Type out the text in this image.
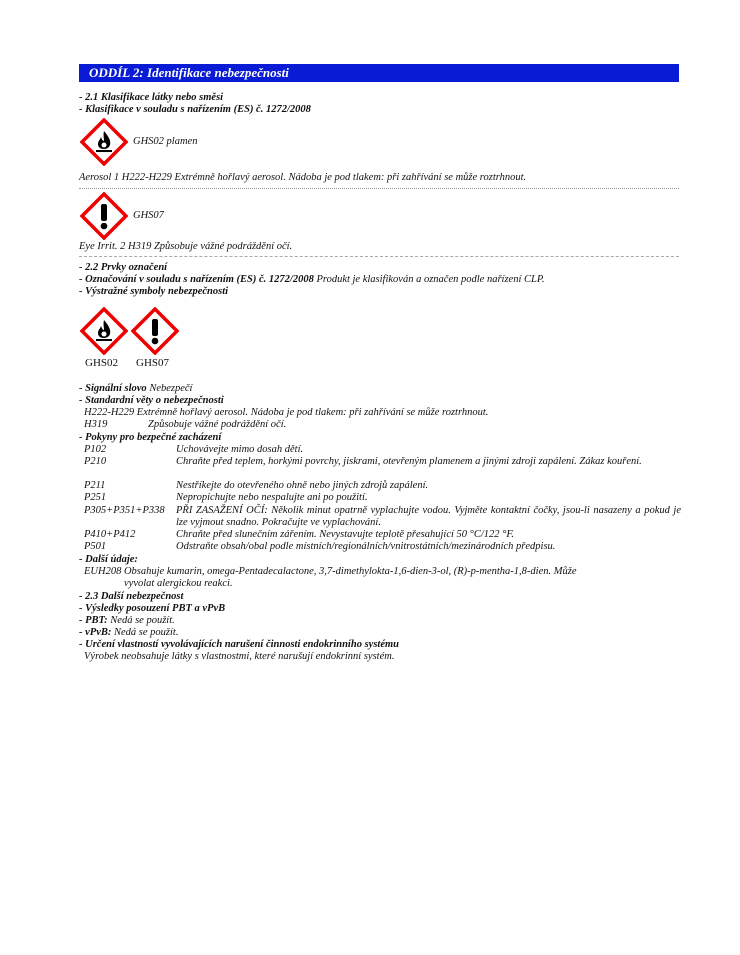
ODDÍL 2: Identifikace nebezpečnosti
- 2.1 Klasifikace látky nebo směsi
- Klasifikace v souladu s nařízením (ES) č. 1272/2008
GHS02 plamen
Aerosol 1 H222-H229 Extrémně hořlavý aerosol. Nádoba je pod tlakem: při zahřívání se může roztrhnout.
GHS07
Eye Irrit. 2 H319 Způsobuje vážné podráždění očí.
- 2.2 Prvky označení
- Označování v souladu s nařízením (ES) č. 1272/2008 Produkt je klasifikován a označen podle nařízení CLP.
- Výstražné symboly nebezpečnosti
GHS02 GHS07
- Signální slovo Nebezpečí
- Standardní věty o nebezpečnosti
H222-H229 Extrémně hořlavý aerosol. Nádoba je pod tlakem: při zahřívání se může roztrhnout.
H319	Způsobuje vážné podráždění očí.
- Pokyny pro bezpečné zacházení
P102	Uchovávejte mimo dosah dětí.
P210	Chraňte před teplem, horkými povrchy, jiskrami, otevřeným plamenem a jinými zdroji zapálení. Zákaz kouření.
P211	Nestříkejte do otevřeného ohně nebo jiných zdrojů zapálení.
P251	Nepropichujte nebo nespalujte ani po použití.
P305+P351+P338 PŘI ZASAŽENÍ OČÍ: Několik minut opatrně vyplachujte vodou. Vyjměte kontaktní čočky, jsou-li nasazeny a pokud je lze vyjmout snadno. Pokračujte ve vyplachování.
P410+P412	Chraňte před slunečním zářením. Nevystavujte teplotě přesahující 50 °C/122 °F.
P501	Odstraňte obsah/obal podle místních/regionálních/vnitrostátních/mezinárodních předpisu.
- Další údaje:
EUH208 Obsahuje kumarin, omega-Pentadecalactone, 3,7-dimethylokta-1,6-dien-3-ol, (R)-p-mentha-1,8-dien. Může
vyvolat alergickou reakci.
- 2.3 Další nebezpečnost
- Výsledky posouzení PBT a vPvB
- PBT: Nedá se použít.
- vPvB: Nedá se použít.
- Určení vlastností vyvolávajících narušení činnosti endokrinního systému
Výrobek neobsahuje látky s vlastnostmi, které narušují endokrinní systém.
